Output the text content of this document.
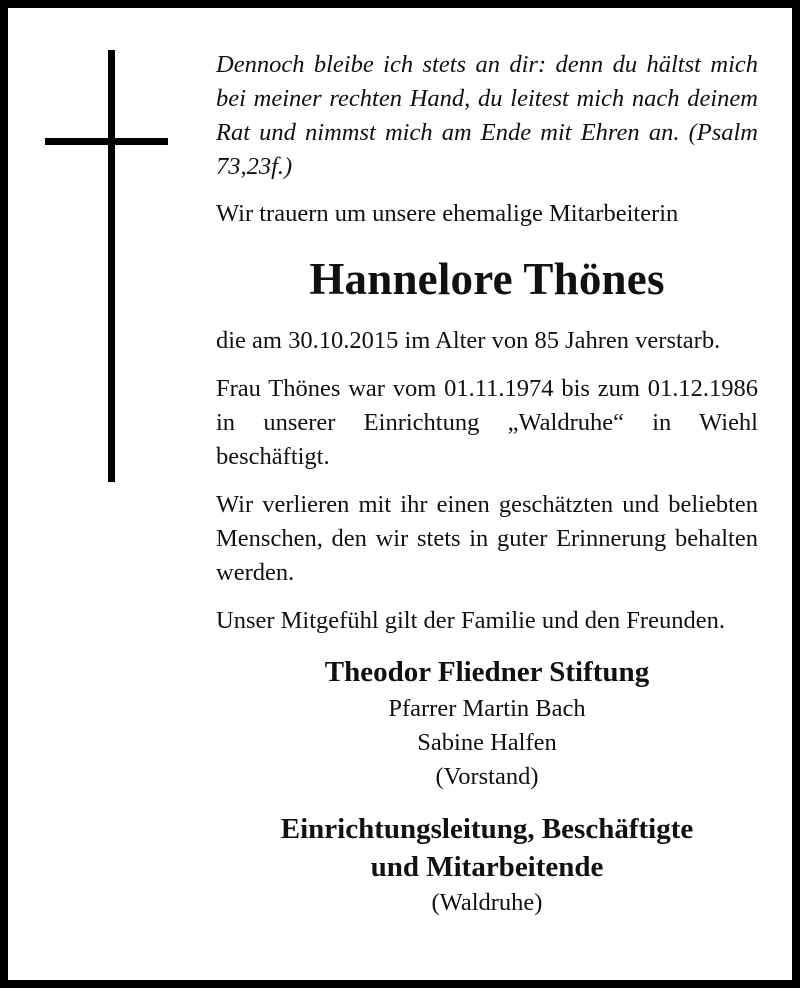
Dennoch bleibe ich stets an dir: denn du hältst mich bei meiner rechten Hand, du leitest mich nach deinem Rat und nimmst mich am Ende mit Ehren an. (Psalm 73,23f.)

Wir trauern um unsere ehemalige Mitarbeiterin

Hannelore Thönes

die am 30.10.2015 im Alter von 85 Jahren verstarb.

Frau Thönes war vom 01.11.1974 bis zum 01.12.1986 in unserer Einrichtung „Waldruhe“ in Wiehl beschäftigt.

Wir verlieren mit ihr einen geschätzten und beliebten Menschen, den wir stets in guter Erinnerung behalten werden.

Unser Mitgefühl gilt der Familie und den Freunden.

Theodor Fliedner Stiftung

Pfarrer Martin Bach

Sabine Halfen

(Vorstand)

Einrichtungsleitung, Beschäftigte
und Mitarbeitende

(Waldruhe)
